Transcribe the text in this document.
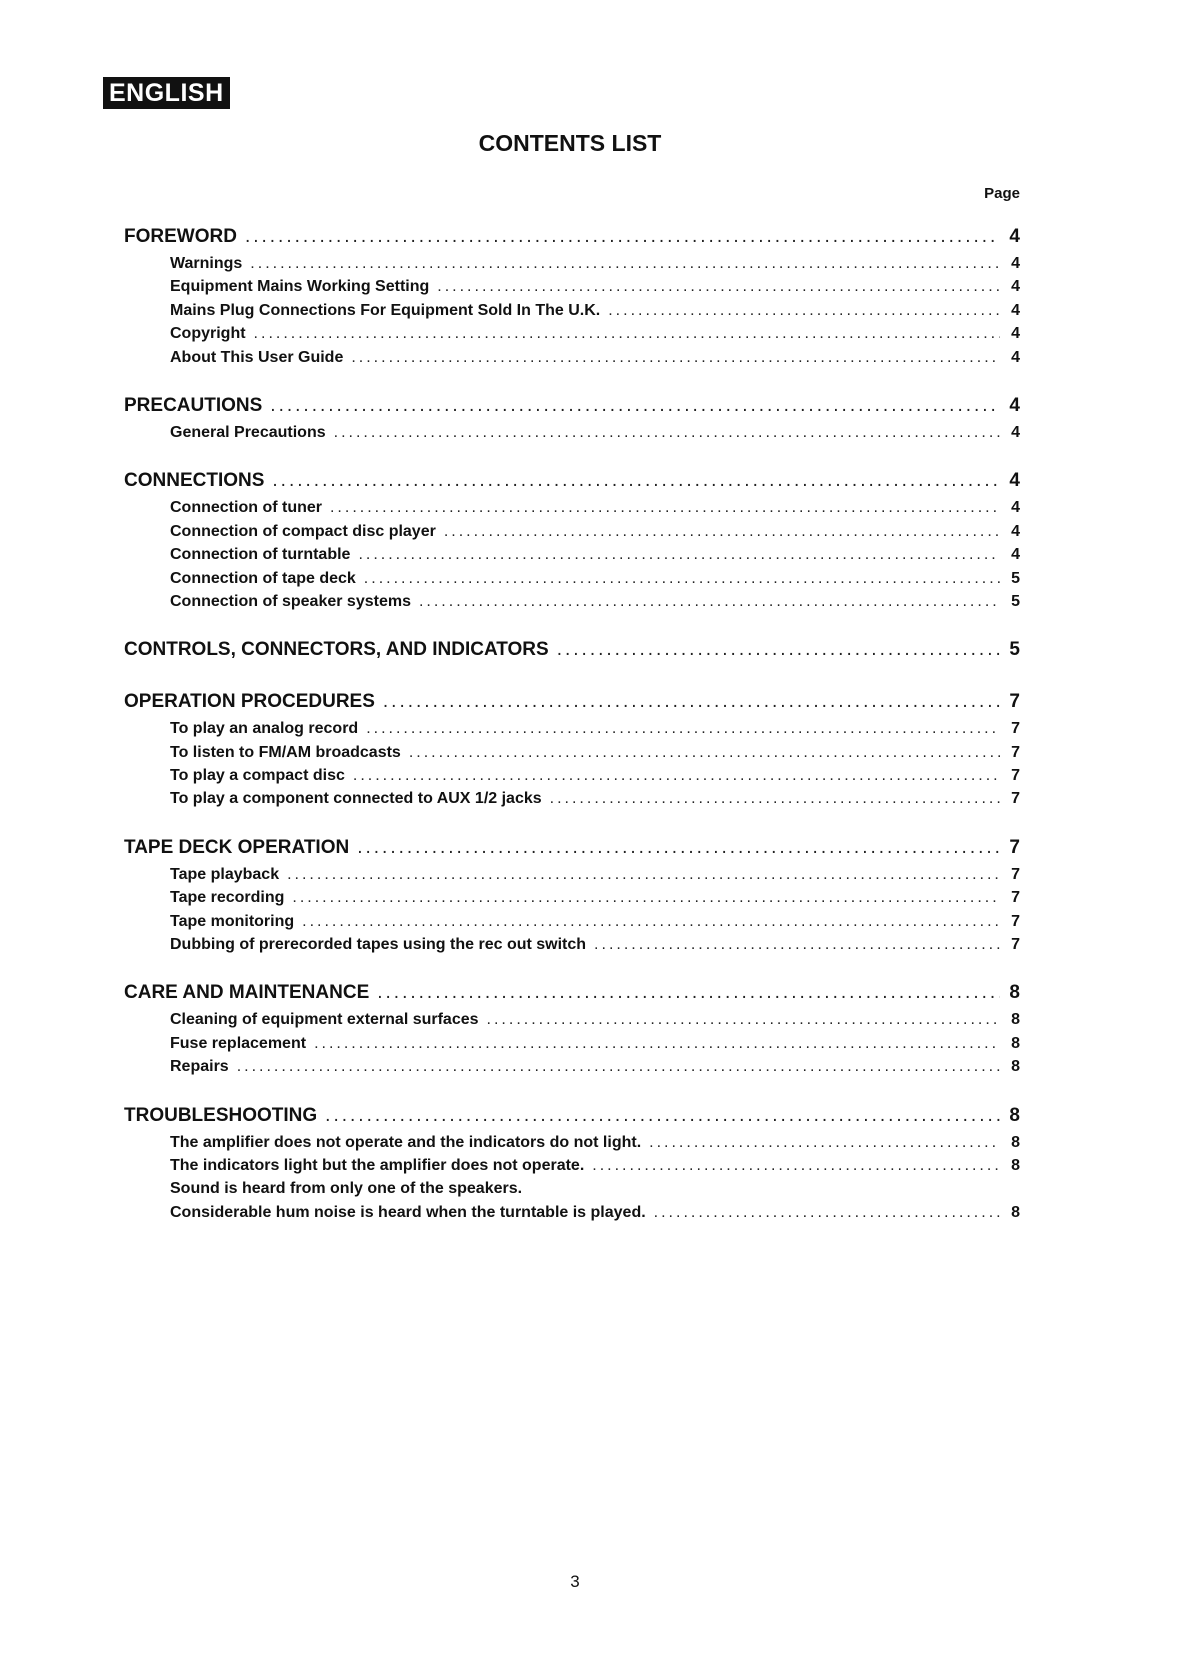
ENGLISH
CONTENTS LIST
Page
FOREWORD .....	4
Warnings .....	4
Equipment Mains Working Setting .....	4
Mains Plug Connections For Equipment Sold In The U.K. .....	4
Copyright .....	4
About This User Guide .....	4
PRECAUTIONS .....	4
General Precautions .....	4
CONNECTIONS .....	4
Connection of tuner .....	4
Connection of compact disc player .....	4
Connection of turntable .....	4
Connection of tape deck .....	5
Connection of speaker systems .....	5
CONTROLS, CONNECTORS, AND INDICATORS .....	5
OPERATION PROCEDURES .....	7
To play an analog record .....	7
To listen to FM/AM broadcasts .....	7
To play a compact disc .....	7
To play a component connected to AUX 1/2 jacks .....	7
TAPE DECK OPERATION .....	7
Tape playback .....	7
Tape recording .....	7
Tape monitoring .....	7
Dubbing of prerecorded tapes using the rec out switch .....	7
CARE AND MAINTENANCE .....	8
Cleaning of equipment external surfaces .....	8
Fuse replacement .....	8
Repairs .....	8
TROUBLESHOOTING .....	8
The amplifier does not operate and the indicators do not light. .....	8
The indicators light but the amplifier does not operate. .....	8
Sound is heard from only one of the speakers.
Considerable hum noise is heard when the turntable is played. .....	8
3
